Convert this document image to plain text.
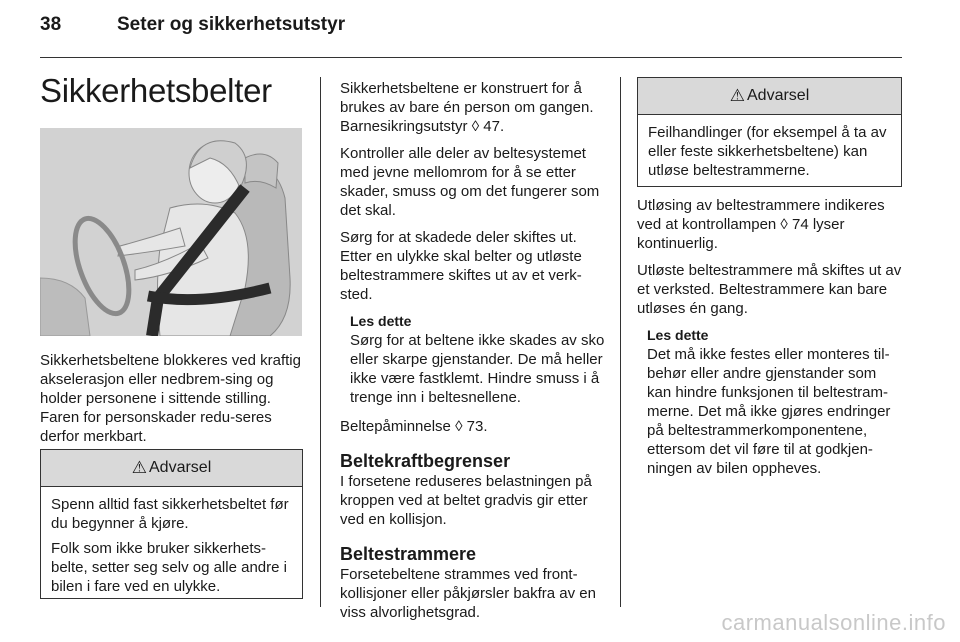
38	Seter og sikkerhetsutstyr
Sikkerhetsbelter

Sikkerhetsbeltene blokkeres ved kraftig akselerasjon eller nedbrem-sing og holder personene i sittende stilling. Faren for personskader redu-seres derfor merkbart.

⚠ Advarsel

Spenn alltid fast sikkerhetsbeltet før du begynner å kjøre.

Folk som ikke bruker sikkerhets-belte, setter seg selv og alle andre i bilen i fare ved en ulykke.

Sikkerhetsbeltene er konstruert for å brukes av bare én person om gangen. Barnesikringsutstyr ◊ 47.

Kontroller alle deler av beltesystemet med jevne mellomrom for å se etter skader, smuss og om det fungerer som det skal.

Sørg for at skadede deler skiftes ut. Etter en ulykke skal belter og utløste beltestrammere skiftes ut av et verk-sted.

Les dette
Sørg for at beltene ikke skades av sko eller skarpe gjenstander. De må heller ikke være fastklemt. Hindre smuss i å trenge inn i beltesnellene.

Beltepåminnelse ◊ 73.

Beltekraftbegrenser

I forsetene reduseres belastningen på kroppen ved at beltet gradvis gir etter ved en kollisjon.

Beltestrammere

Forsetebeltene strammes ved front-kollisjoner eller påkjørsler bakfra av en viss alvorlighetsgrad.

⚠ Advarsel

Feilhandlinger (for eksempel å ta av eller feste sikkerhetsbeltene) kan utløse beltestrammerne.

Utløsing av beltestrammere indikeres ved at kontrollampen ◊ 74 lyser kontinuerlig.

Utløste beltestrammere må skiftes ut av et verksted. Beltestrammere kan bare utløses én gang.

Les dette
Det må ikke festes eller monteres til-behør eller andre gjenstander som kan hindre funksjonen til beltestram-merne. Det må ikke gjøres endringer på beltestrammerkomponentene, ettersom det vil føre til at godkjen-ningen av bilen oppheves.
carmanualsonline.info
